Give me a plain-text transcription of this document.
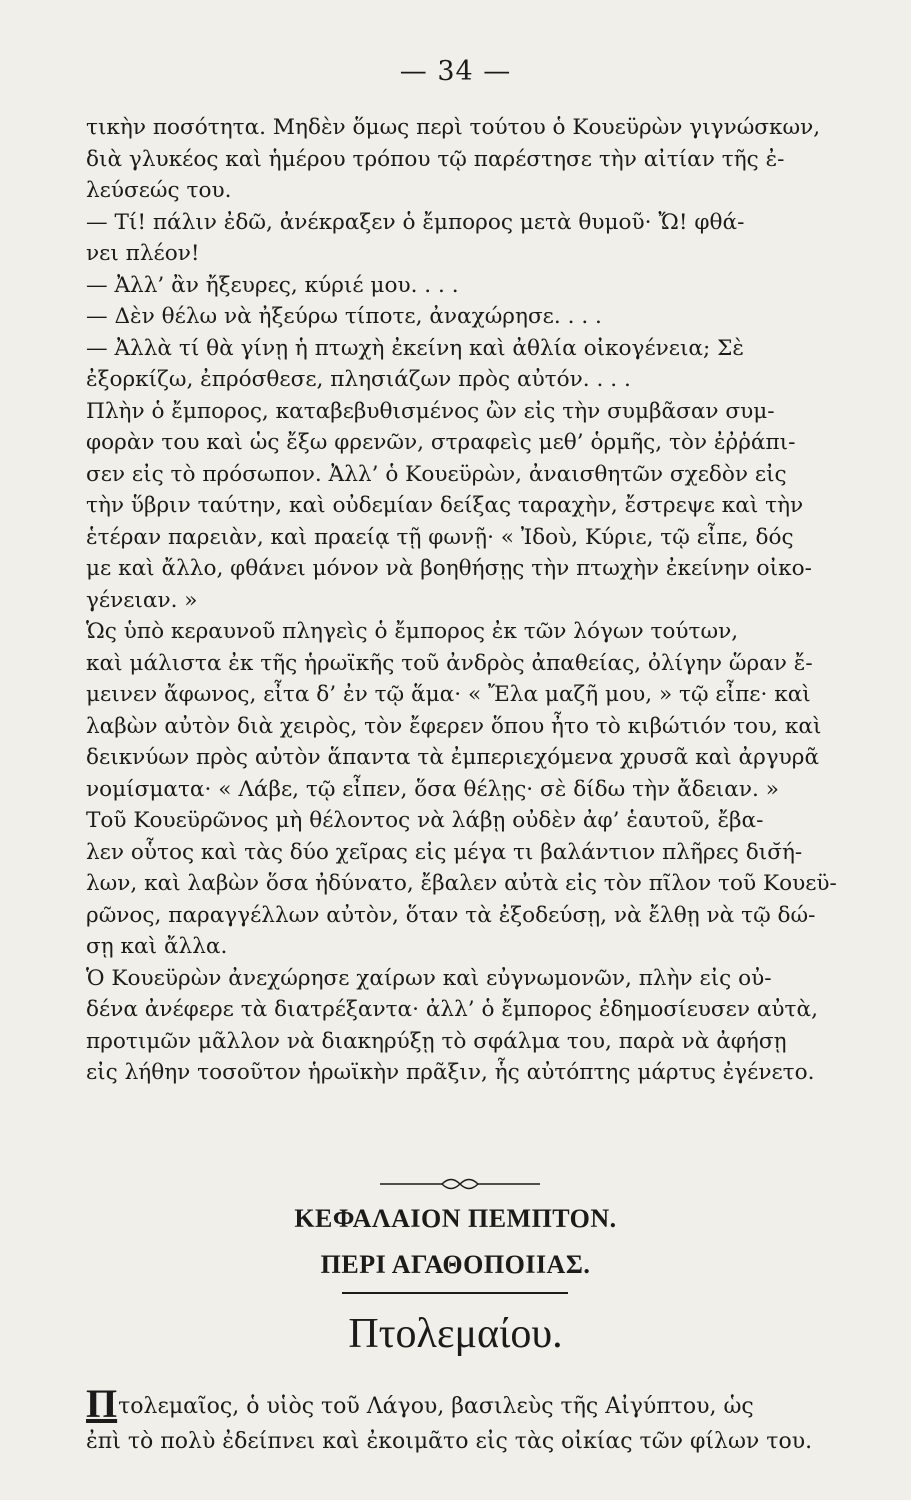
— 34 —
τικὴν ποσότητα. Μηδὲν ὅμως περὶ τούτου ὁ Κουεϋρὼν γιγνώσκων,
διὰ γλυκέος καὶ ἡμέρου τρόπου τῷ παρέστησε τὴν αἰτίαν τῆς ἐ-
λεύσεώς του.
— Τί! πάλιν ἐδῶ, ἀνέκραξεν ὁ ἔμπορος μετὰ θυμοῦ· Ὤ! φθά-
νει πλέον!
— Ἀλλ’ ἂν ἤξευρες, κύριέ μου. . . .
— Δὲν θέλω νὰ ἠξεύρω τίποτε, ἀναχώρησε. . . .
— Ἀλλὰ τί θὰ γίνῃ ἡ πτωχὴ ἐκείνη καὶ ἀθλία οἰκογένεια; Σὲ
ἐξορκίζω, ἐπρόσθεσε, πλησιάζων πρὸς αὐτόν. . . .
Πλὴν ὁ ἔμπορος, καταβεβυθισμένος ὢν εἰς τὴν συμβᾶσαν συμ-
φορὰν του καὶ ὡς ἔξω φρενῶν, στραφεὶς μεθ’ ὁρμῆς, τὸν ἐῤῥάπι-
σεν εἰς τὸ πρόσωπον. Ἀλλ’ ὁ Κουεϋρὼν, ἀναισθητῶν σχεδὸν εἰς
τὴν ὕβριν ταύτην, καὶ οὐδεμίαν δείξας ταραχὴν, ἔστρεψε καὶ τὴν
ἑτέραν παρειὰν, καὶ πραείᾳ τῇ φωνῇ· « Ἰδοὺ, Κύριε, τῷ εἶπε, δός
με καὶ ἄλλο, φθάνει μόνον νὰ βοηθήσῃς τὴν πτωχὴν ἐκείνην οἰκο-
γένειαν. »
Ὡς ὑπὸ κεραυνοῦ πληγεὶς ὁ ἔμπορος ἐκ τῶν λόγων τούτων,
καὶ μάλιστα ἐκ τῆς ἡρωϊκῆς τοῦ ἀνδρὸς ἀπαθείας, ὀλίγην ὥραν ἔ-
μεινεν ἄφωνος, εἶτα δ’ ἐν τῷ ἅμα· « Ἔλα μαζῆ μου, » τῷ εἶπε· καὶ
λαβὼν αὐτὸν διὰ χειρὸς, τὸν ἔφερεν ὅπου ἦτο τὸ κιβώτιόν του, καὶ
δεικνύων πρὸς αὐτὸν ἅπαντα τὰ ἐμπεριεχόμενα χρυσᾶ καὶ ἀργυρᾶ
νομίσματα· « Λάβε, τῷ εἶπεν, ὅσα θέλῃς· σὲ δίδω τὴν ἄδειαν. »
Τοῦ Κουεϋρῶνος μὴ θέλοντος νὰ λάβῃ οὐδὲν ἀφ’ ἑαυτοῦ, ἔβα-
λεν οὗτος καὶ τὰς δύο χεῖρας εἰς μέγα τι βαλάντιον πλῆρες δισ̆ή-
λων, καὶ λαβὼν ὅσα ἠδύνατο, ἔβαλεν αὐτὰ εἰς τὸν πῖλον τοῦ Κουεϋ-
ρῶνος, παραγγέλλων αὐτὸν, ὅταν τὰ ἐξοδεύσῃ, νὰ ἔλθῃ νὰ τῷ δώ-
σῃ καὶ ἄλλα.
Ὁ Κουεϋρὼν ἀνεχώρησε χαίρων καὶ εὐγνωμονῶν, πλὴν εἰς οὐ-
δένα ἀνέφερε τὰ διατρέξαντα· ἀλλ’ ὁ ἔμπορος ἐδημοσίευσεν αὐτὰ,
προτιμῶν μᾶλλον νὰ διακηρύξῃ τὸ σφάλμα του, παρὰ νὰ ἀφήσῃ
εἰς λήθην τοσοῦτον ἡρωϊκὴν πρᾶξιν, ἧς αὐτόπτης μάρτυς ἐγένετο.
ΚΕΦΑΛΑΙΟΝ ΠΕΜΠΤΟΝ.
ΠΕΡΙ ΑΓΑΘΟΠΟΙΙΑΣ.
Πτολεμαίου.
Πτολεμαῖος, ὁ υἱὸς τοῦ Λάγου, βασιλεὺς τῆς Αἰγύπτου, ὡς
ἐπὶ τὸ πολὺ ἐδείπνει καὶ ἐκοιμᾶτο εἰς τὰς οἰκίας τῶν φίλων του.
